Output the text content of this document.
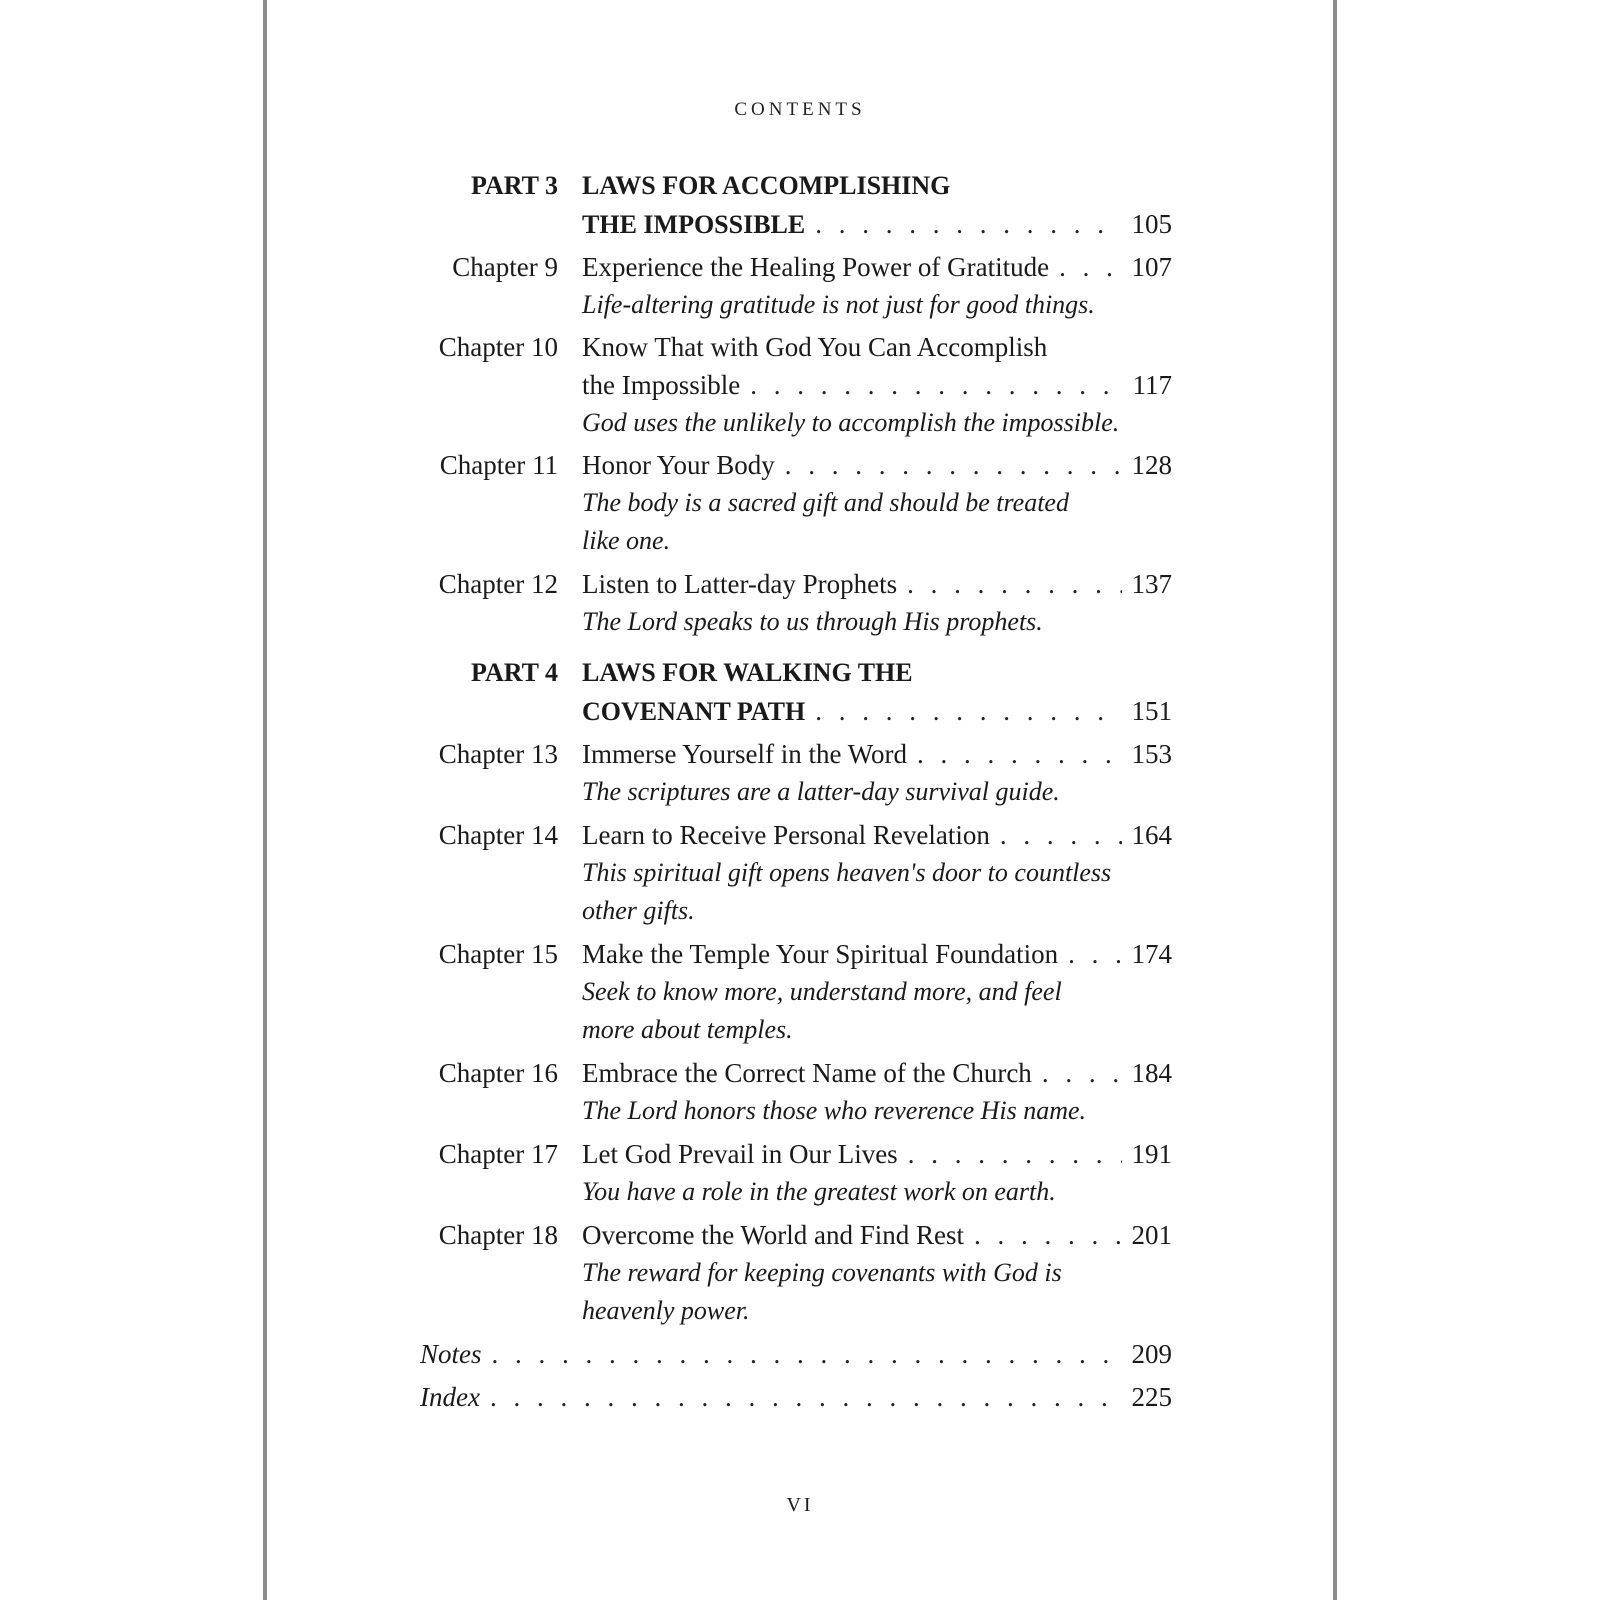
CONTENTS
PART 3 LAWS FOR ACCOMPLISHING
THE IMPOSSIBLE . . .	105
Chapter 9 Experience the Healing Power of Gratitude . . .	107
Life-altering gratitude is not just for good things.
Chapter 10 Know That with God You Can Accomplish
the Impossible . . .	117
God uses the unlikely to accomplish the impossible.
Chapter 11 Honor Your Body . . .	128
The body is a sacred gift and should be treated
like one.
Chapter 12 Listen to Latter-day Prophets . . .	137
The Lord speaks to us through His prophets.
PART 4 LAWS FOR WALKING THE
COVENANT PATH . . .	151
Chapter 13 Immerse Yourself in the Word . . .	153
The scriptures are a latter-day survival guide.
Chapter 14 Learn to Receive Personal Revelation . . .	164
This spiritual gift opens heaven's door to countless
other gifts.
Chapter 15 Make the Temple Your Spiritual Foundation . . .	174
Seek to know more, understand more, and feel
more about temples.
Chapter 16 Embrace the Correct Name of the Church . . .	184
The Lord honors those who reverence His name.
Chapter 17 Let God Prevail in Our Lives . . .	191
You have a role in the greatest work on earth.
Chapter 18 Overcome the World and Find Rest . . .	201
The reward for keeping covenants with God is
heavenly power.
Notes . . .	209
Index . . .	225
VI
